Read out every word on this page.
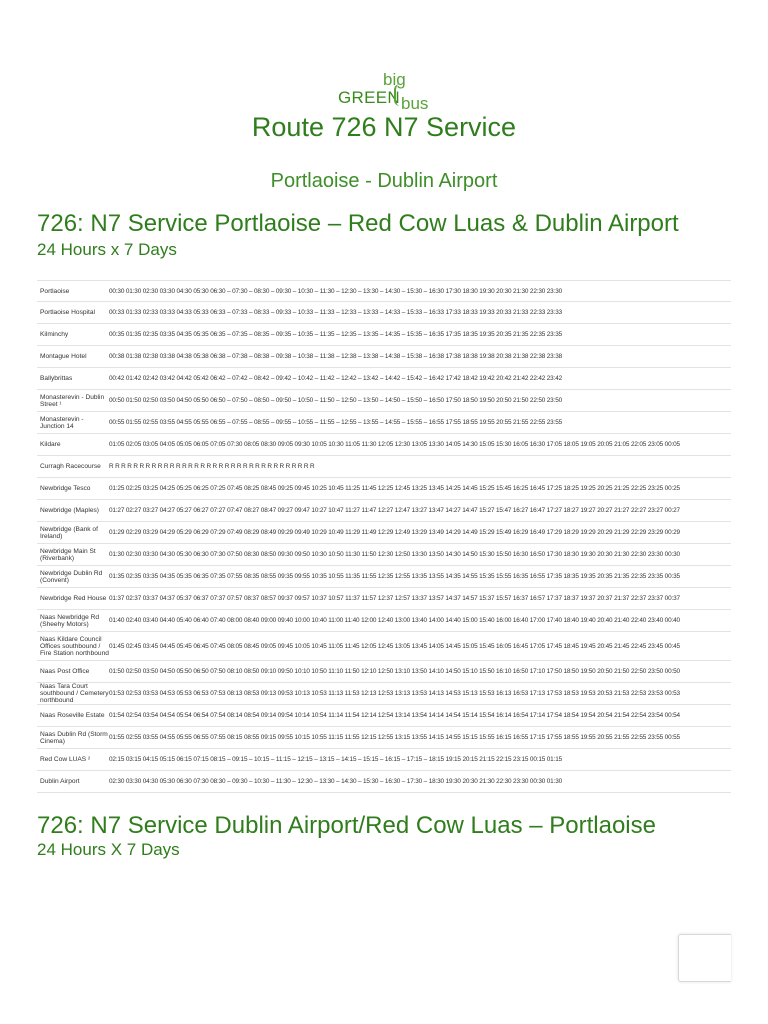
big
GREEN bus
Route 726 N7 Service
Portlaoise - Dublin Airport
726: N7 Service Portlaoise – Red Cow Luas & Dublin Airport
24 Hours x 7 Days
Portlaoise	00:30 01:30 02:30 03:30 04:30 05:30 06:30 – 07:30 – 08:30 – 09:30 – 10:30 – 11:30 – 12:30 – 13:30 – 14:30 – 15:30 – 16:30 17:30 18:30 19:30 20:30 21:30 22:30 23:30
Portlaoise Hospital	00:33 01:33 02:33 03:33 04:33 05:33 06:33 – 07:33 – 08:33 – 09:33 – 10:33 – 11:33 – 12:33 – 13:33 – 14:33 – 15:33 – 16:33 17:33 18:33 19:33 20:33 21:33 22:33 23:33
Kilminchy	00:35 01:35 02:35 03:35 04:35 05:35 06:35 – 07:35 – 08:35 – 09:35 – 10:35 – 11:35 – 12:35 – 13:35 – 14:35 – 15:35 – 16:35 17:35 18:35 19:35 20:35 21:35 22:35 23:35
Montague Hotel	00:38 01:38 02:38 03:38 04:38 05:38 06:38 – 07:38 – 08:38 – 09:38 – 10:38 – 11:38 – 12:38 – 13:38 – 14:38 – 15:38 – 16:38 17:38 18:38 19:38 20:38 21:38 22:38 23:38
Ballybrittas	00:42 01:42 02:42 03:42 04:42 05:42 06:42 – 07:42 – 08:42 – 09:42 – 10:42 – 11:42 – 12:42 – 13:42 – 14:42 – 15:42 – 16:42 17:42 18:42 19:42 20:42 21:42 22:42 23:42
Monasterevin - Dublin Street ¹	00:50 01:50 02:50 03:50 04:50 05:50 06:50 – 07:50 – 08:50 – 09:50 – 10:50 – 11:50 – 12:50 – 13:50 – 14:50 – 15:50 – 16:50 17:50 18:50 19:50 20:50 21:50 22:50 23:50
Monasterevin - Junction 14	00:55 01:55 02:55 03:55 04:55 05:55 06:55 – 07:55 – 08:55 – 09:55 – 10:55 – 11:55 – 12:55 – 13:55 – 14:55 – 15:55 – 16:55 17:55 18:55 19:55 20:55 21:55 22:55 23:55
Kildare	01:05 02:05 03:05 04:05 05:05 06:05 07:05 07:30 08:05 08:30 09:05 09:30 10:05 10:30 11:05 11:30 12:05 12:30 13:05 13:30 14:05 14:30 15:05 15:30 16:05 16:30 17:05 18:05 19:05 20:05 21:05 22:05 23:05 00:05
Curragh Racecourse	R R R R R R R R R R R R R R R R R R R R R R R R R R R R R R R R R R
Newbridge Tesco	01:25 02:25 03:25 04:25 05:25 06:25 07:25 07:45 08:25 08:45 09:25 09:45 10:25 10:45 11:25 11:45 12:25 12:45 13:25 13:45 14:25 14:45 15:25 15:45 16:25 16:45 17:25 18:25 19:25 20:25 21:25 22:25 23:25 00:25
Newbridge (Maples)	01:27 02:27 03:27 04:27 05:27 06:27 07:27 07:47 08:27 08:47 09:27 09:47 10:27 10:47 11:27 11:47 12:27 12:47 13:27 13:47 14:27 14:47 15:27 15:47 16:27 16:47 17:27 18:27 19:27 20:27 21:27 22:27 23:27 00:27
Newbridge (Bank of Ireland)	01:29 02:29 03:29 04:29 05:29 06:29 07:29 07:49 08:29 08:49 09:29 09:49 10:29 10:49 11:29 11:49 12:29 12:49 13:29 13:49 14:29 14:49 15:29 15:49 16:29 16:49 17:29 18:29 19:29 20:29 21:29 22:29 23:29 00:29
Newbridge Main St (Riverbank)	01:30 02:30 03:30 04:30 05:30 06:30 07:30 07:50 08:30 08:50 09:30 09:50 10:30 10:50 11:30 11:50 12:30 12:50 13:30 13:50 14:30 14:50 15:30 15:50 16:30 16:50 17:30 18:30 19:30 20:30 21:30 22:30 23:30 00:30
Newbridge Dublin Rd (Convent)	01:35 02:35 03:35 04:35 05:35 06:35 07:35 07:55 08:35 08:55 09:35 09:55 10:35 10:55 11:35 11:55 12:35 12:55 13:35 13:55 14:35 14:55 15:35 15:55 16:35 16:55 17:35 18:35 19:35 20:35 21:35 22:35 23:35 00:35
Newbridge Red House 01:37 02:37 03:37 04:37 05:37 06:37 07:37 07:57 08:37 08:57 09:37 09:57 10:37 10:57 11:37 11:57 12:37 12:57 13:37 13:57 14:37 14:57 15:37 15:57 16:37 16:57 17:37 18:37 19:37 20:37 21:37 22:37 23:37 00:37
Naas Newbridge Rd (Sheehy Motors)	01:40 02:40 03:40 04:40 05:40 06:40 07:40 08:00 08:40 09:00 09:40 10:00 10:40 11:00 11:40 12:00 12:40 13:00 13:40 14:00 14:40 15:00 15:40 16:00 16:40 17:00 17:40 18:40 19:40 20:40 21:40 22:40 23:40 00:40
Naas Kildare Council Offices southbound / Fire Station northbound
01:45 02:45 03:45 04:45 05:45 06:45 07:45 08:05 08:45 09:05 09:45 10:05 10:45 11:05 11:45 12:05 12:45 13:05 13:45 14:05 14:45 15:05 15:45 16:05 16:45 17:05 17:45 18:45 19:45 20:45 21:45 22:45 23:45 00:45
Naas Post Office	01:50 02:50 03:50 04:50 05:50 06:50 07:50 08:10 08:50 09:10 09:50 10:10 10:50 11:10 11:50 12:10 12:50 13:10 13:50 14:10 14:50 15:10 15:50 16:10 16:50 17:10 17:50 18:50 19:50 20:50 21:50 22:50 23:50 00:50
Naas Tara Court southbound / Cemetery northbound
01:53 02:53 03:53 04:53 05:53 06:53 07:53 08:13 08:53 09:13 09:53 10:13 10:53 11:13 11:53 12:13 12:53 13:13 13:53 14:13 14:53 15:13 15:53 16:13 16:53 17:13 17:53 18:53 19:53 20:53 21:53 22:53 23:53 00:53
Naas Roseville Estate 01:54 02:54 03:54 04:54 05:54 06:54 07:54 08:14 08:54 09:14 09:54 10:14 10:54 11:14 11:54 12:14 12:54 13:14 13:54 14:14 14:54 15:14 15:54 16:14 16:54 17:14 17:54 18:54 19:54 20:54 21:54 22:54 23:54 00:54
Naas Dublin Rd (Storm Cinema)	01:55 02:55 03:55 04:55 05:55 06:55 07:55 08:15 08:55 09:15 09:55 10:15 10:55 11:15 11:55 12:15 12:55 13:15 13:55 14:15 14:55 15:15 15:55 16:15 16:55 17:15 17:55 18:55 19:55 20:55 21:55 22:55 23:55 00:55
Red Cow LUAS ²	02:15 03:15 04:15 05:15 06:15 07:15 08:15 – 09:15 – 10:15 – 11:15 – 12:15 – 13:15 – 14:15 – 15:15 – 16:15 – 17:15 – 18:15 19:15 20:15 21:15 22:15 23:15 00:15 01:15
Dublin Airport	02:30 03:30 04:30 05:30 06:30 07:30 08:30 – 09:30 – 10:30 – 11:30 – 12:30 – 13:30 – 14:30 – 15:30 – 16:30 – 17:30 – 18:30 19:30 20:30 21:30 22:30 23:30 00:30 01:30
726: N7 Service Dublin Airport/Red Cow Luas – Portlaoise
24 Hours X 7 Days
